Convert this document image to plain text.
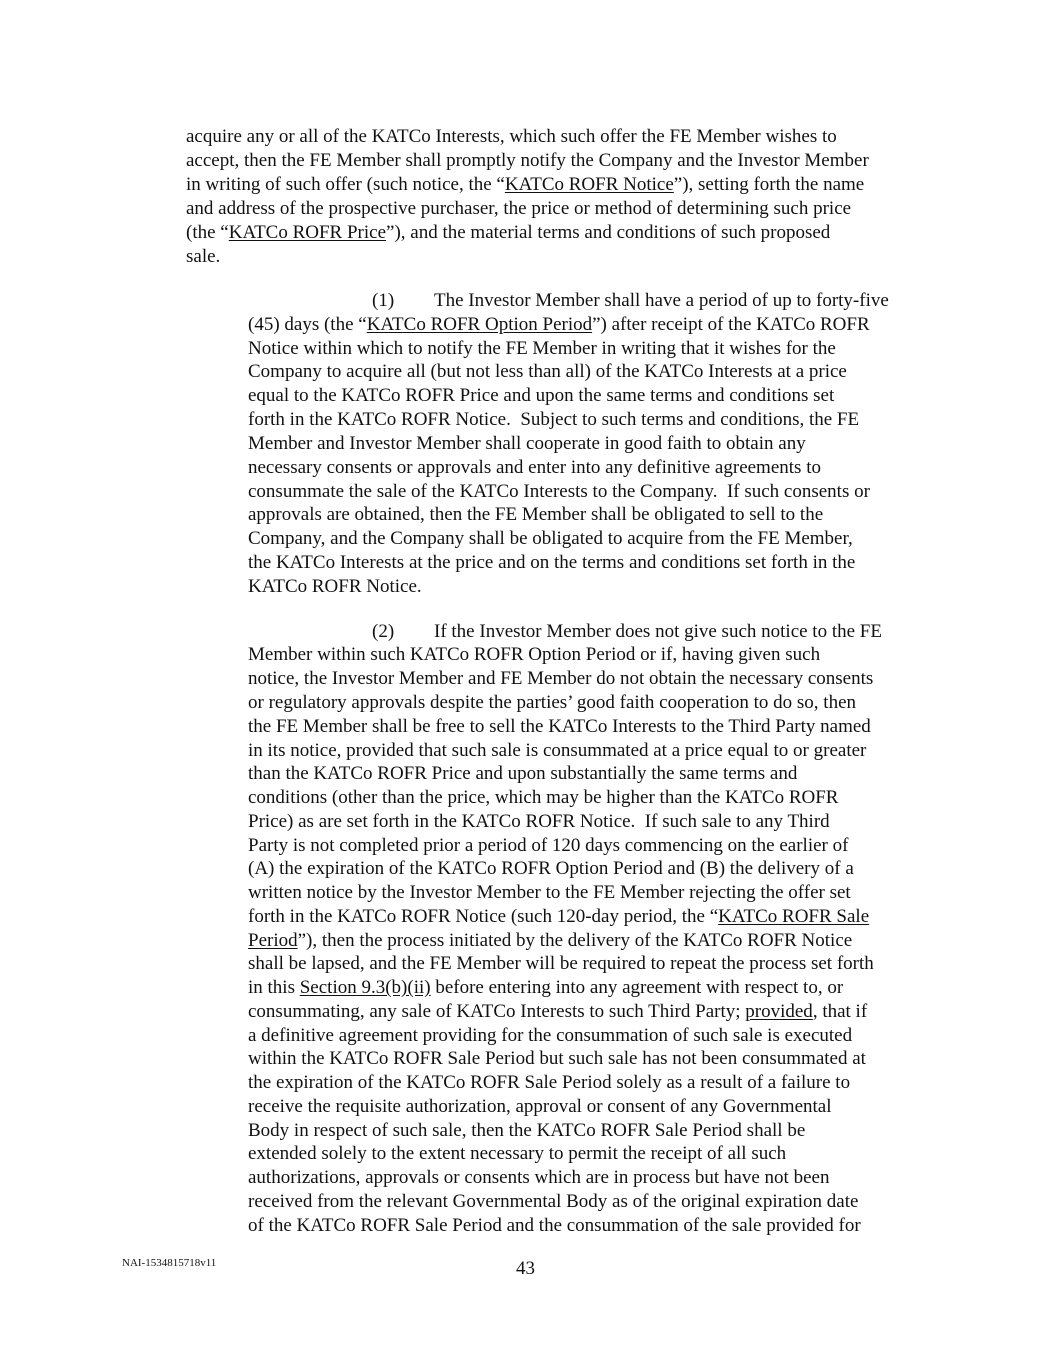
acquire any or all of the KATCo Interests, which such offer the FE Member wishes to
accept, then the FE Member shall promptly notify the Company and the Investor Member
in writing of such offer (such notice, the “KATCo ROFR Notice”), setting forth the name
and address of the prospective purchaser, the price or method of determining such price
(the “KATCo ROFR Price”), and the material terms and conditions of such proposed
sale.
(1) The Investor Member shall have a period of up to forty-five
(45) days (the “KATCo ROFR Option Period”) after receipt of the KATCo ROFR
Notice within which to notify the FE Member in writing that it wishes for the
Company to acquire all (but not less than all) of the KATCo Interests at a price
equal to the KATCo ROFR Price and upon the same terms and conditions set
forth in the KATCo ROFR Notice.  Subject to such terms and conditions, the FE
Member and Investor Member shall cooperate in good faith to obtain any
necessary consents or approvals and enter into any definitive agreements to
consummate the sale of the KATCo Interests to the Company.  If such consents or
approvals are obtained, then the FE Member shall be obligated to sell to the
Company, and the Company shall be obligated to acquire from the FE Member,
the KATCo Interests at the price and on the terms and conditions set forth in the
KATCo ROFR Notice.
(2) If the Investor Member does not give such notice to the FE
Member within such KATCo ROFR Option Period or if, having given such
notice, the Investor Member and FE Member do not obtain the necessary consents
or regulatory approvals despite the parties’ good faith cooperation to do so, then
the FE Member shall be free to sell the KATCo Interests to the Third Party named
in its notice, provided that such sale is consummated at a price equal to or greater
than the KATCo ROFR Price and upon substantially the same terms and
conditions (other than the price, which may be higher than the KATCo ROFR
Price) as are set forth in the KATCo ROFR Notice.  If such sale to any Third
Party is not completed prior a period of 120 days commencing on the earlier of
(A) the expiration of the KATCo ROFR Option Period and (B) the delivery of a
written notice by the Investor Member to the FE Member rejecting the offer set
forth in the KATCo ROFR Notice (such 120-day period, the “KATCo ROFR Sale
Period”), then the process initiated by the delivery of the KATCo ROFR Notice
shall be lapsed, and the FE Member will be required to repeat the process set forth
in this Section 9.3(b)(ii) before entering into any agreement with respect to, or
consummating, any sale of KATCo Interests to such Third Party; provided, that if
a definitive agreement providing for the consummation of such sale is executed
within the KATCo ROFR Sale Period but such sale has not been consummated at
the expiration of the KATCo ROFR Sale Period solely as a result of a failure to
receive the requisite authorization, approval or consent of any Governmental
Body in respect of such sale, then the KATCo ROFR Sale Period shall be
extended solely to the extent necessary to permit the receipt of all such
authorizations, approvals or consents which are in process but have not been
received from the relevant Governmental Body as of the original expiration date
of the KATCo ROFR Sale Period and the consummation of the sale provided for
NAI-1534815718v11	43
